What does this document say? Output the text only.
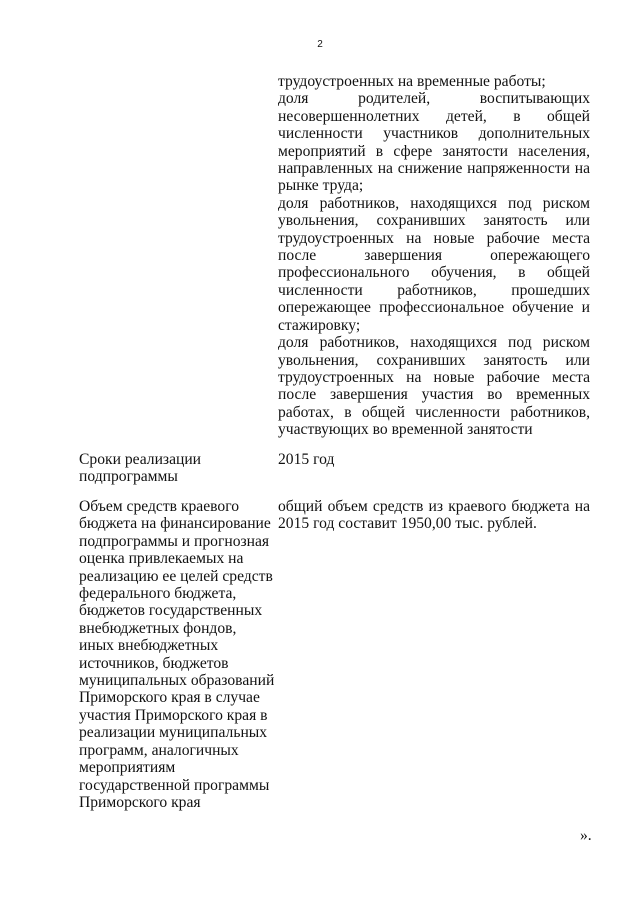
2

трудоустроенных на временные работы;

доля родителей, воспитывающих несовершеннолетних детей, в общей численности участников дополнительных мероприятий в сфере занятости населения, направленных на снижение напряженности на рынке труда;

доля работников, находящихся под риском увольнения, сохранивших занятость или трудоустроенных на новые рабочие места после завершения опережающего профессионального обучения, в общей численности работников, прошедших опережающее профессиональное обучение и стажировку;

доля работников, находящихся под риском увольнения, сохранивших занятость или трудоустроенных на новые рабочие места после завершения участия во временных работах, в общей численности работников, участвующих во временной занятости

Сроки реализации подпрограммы
2015 год
Объем средств краевого бюджета на финансирование подпрограммы и прогнозная оценка привлекаемых на реализацию ее целей средств федерального бюджета, бюджетов государственных внебюджетных фондов, иных внебюджетных источников, бюджетов муниципальных образований Приморского края в случае участия Приморского края в реализации муниципальных программ, аналогичных мероприятиям государственной программы Приморского края
общий объем средств из краевого бюджета на 2015 год составит 1950,00 тыс. рублей.
».
